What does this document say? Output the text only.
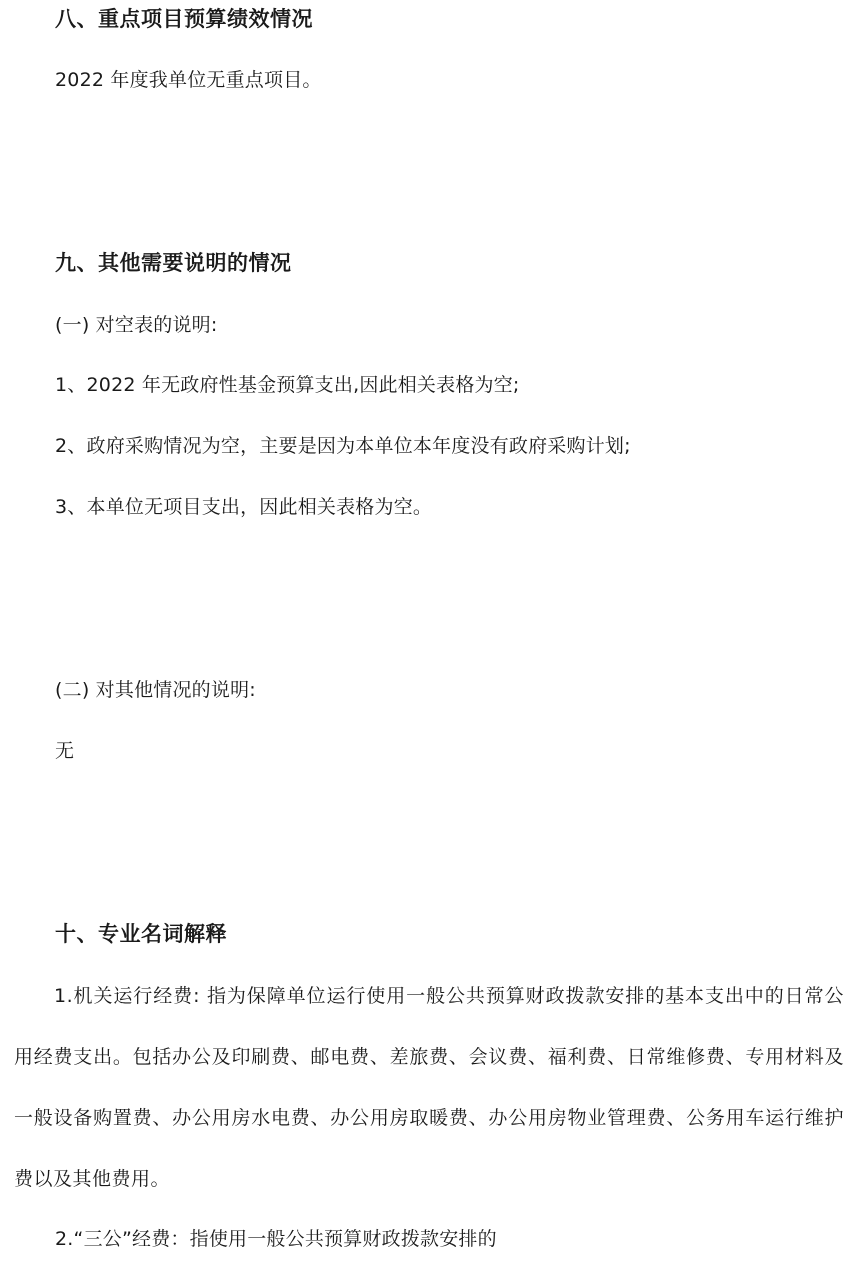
八、重点项目预算绩效情况
2022 年度我单位无重点项目。
九、其他需要说明的情况
(一) 对空表的说明:
1、2022 年无政府性基金预算支出,因此相关表格为空;
2、政府采购情况为空，主要是因为本单位本年度没有政府采购计划;
3、本单位无项目支出，因此相关表格为空。
(二) 对其他情况的说明:
无
十、专业名词解释
1.机关运行经费: 指为保障单位运行使用一般公共预算财政拨款安排的基本支出中的日常公用经费支出。包括办公及印刷费、邮电费、差旅费、会议费、福利费、日常维修费、专用材料及一般设备购置费、办公用房水电费、办公用房取暖费、办公用房物业管理费、公务用车运行维护费以及其他费用。
2.“三公”经费：指使用一般公共预算财政拨款安排的
